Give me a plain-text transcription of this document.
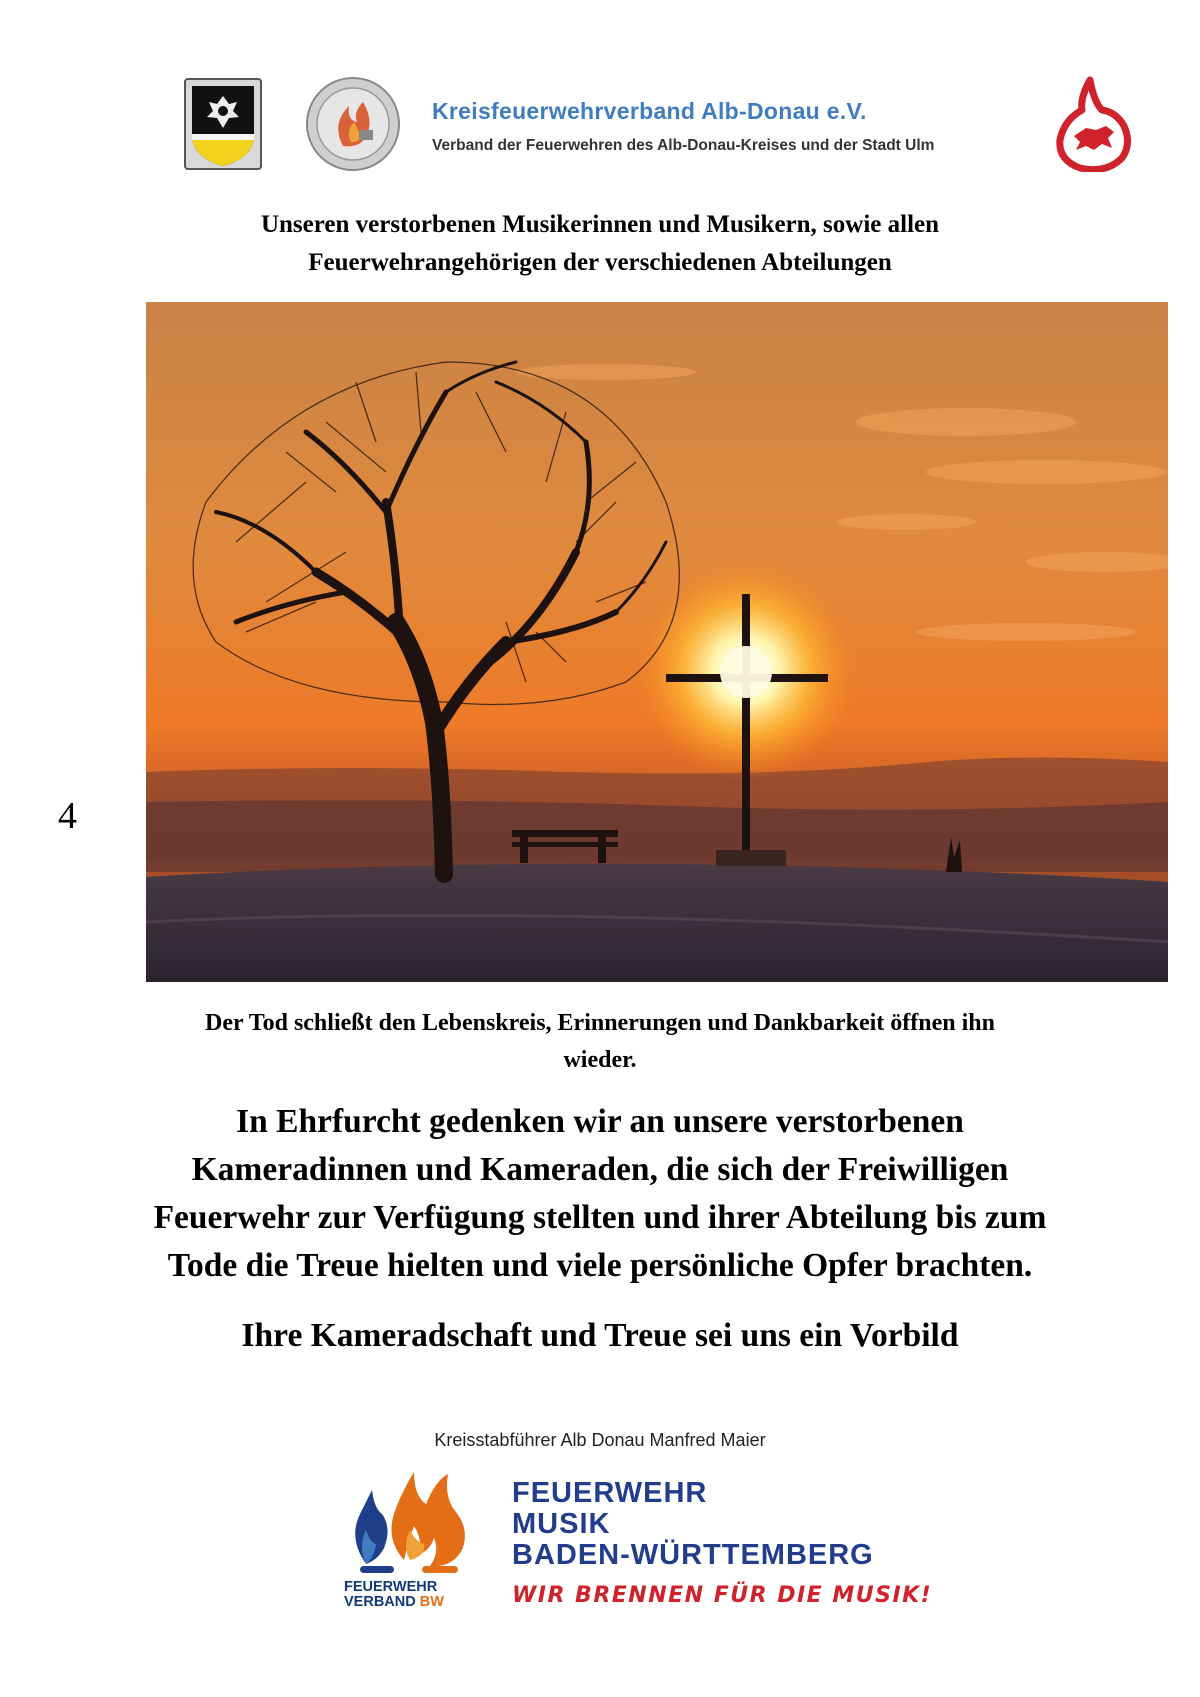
Kreisfeuerwehrverband Alb-Donau e.V.
Verband der Feuerwehren des Alb-Donau-Kreises und der Stadt Ulm
Unseren verstorbenen Musikerinnen und Musikern, sowie allen
Feuerwehrangehörigen der verschiedenen Abteilungen
4
Der Tod schließt den Lebenskreis, Erinnerungen und Dankbarkeit öffnen ihn
wieder.
In Ehrfurcht gedenken wir an unsere verstorbenen
Kameradinnen und Kameraden, die sich der Freiwilligen
Feuerwehr zur Verfügung stellten und ihrer Abteilung bis zum
Tode die Treue hielten und viele persönliche Opfer brachten.
Ihre Kameradschaft und Treue sei uns ein Vorbild
Kreisstabführer Alb Donau Manfred Maier
FEUERWEHR
VERBAND BW
FEUERWEHR
MUSIK
BADEN-WÜRTTEMBERG
WIR BRENNEN FÜR DIE MUSIK!
